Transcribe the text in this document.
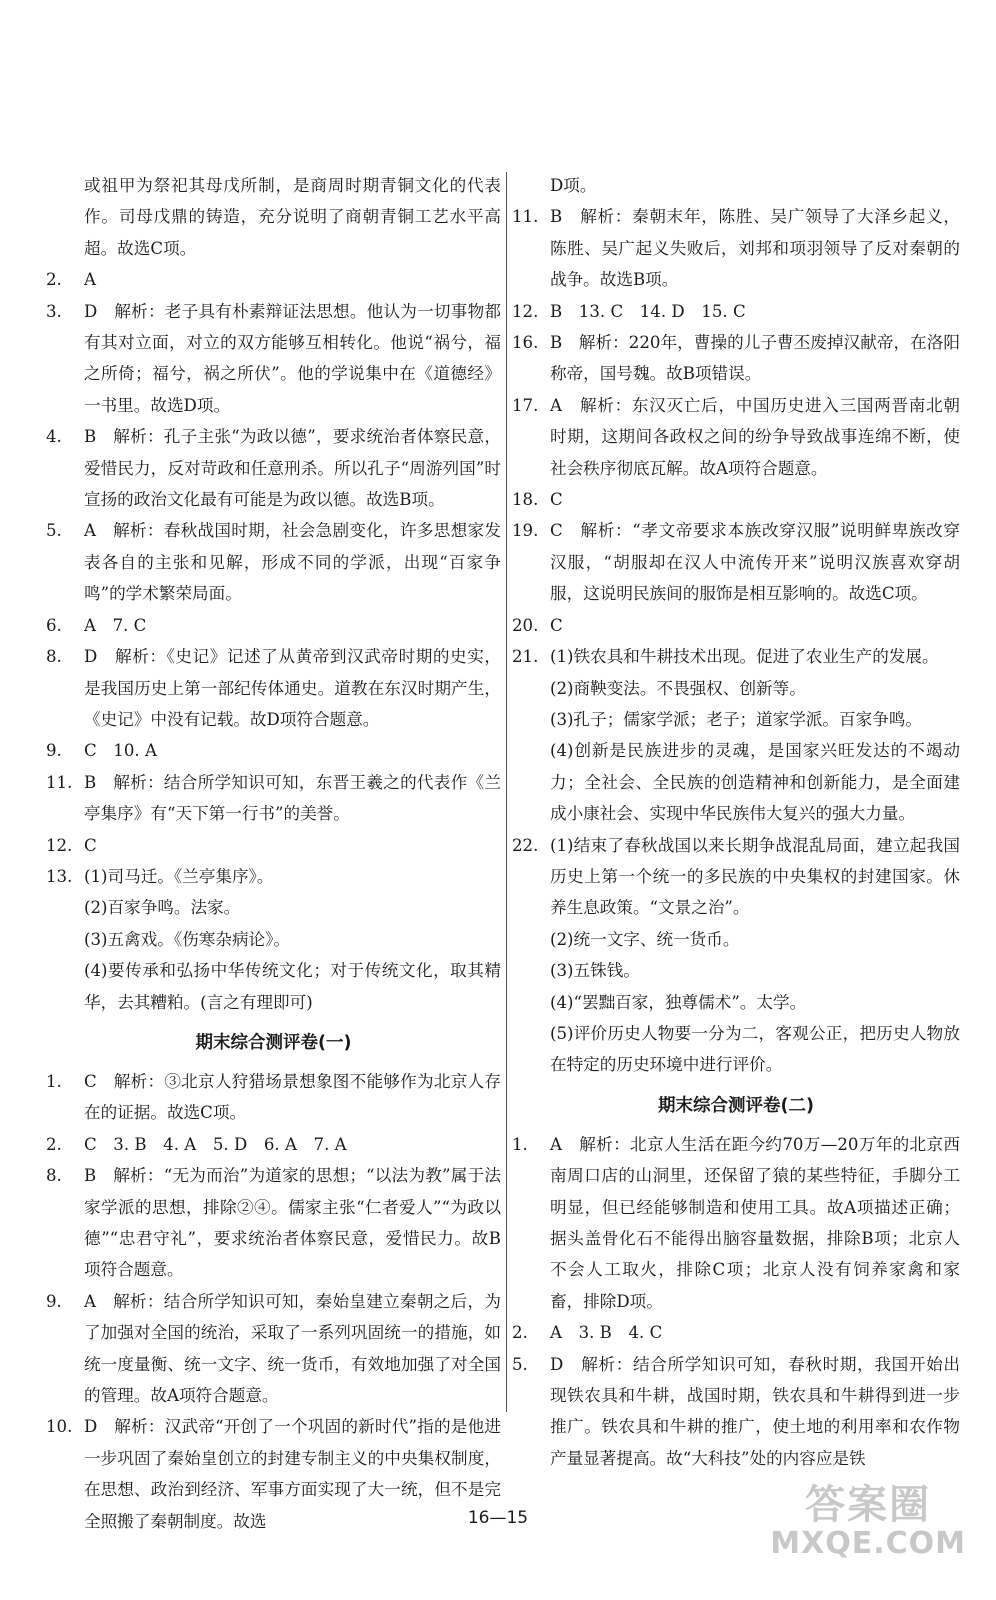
或祖甲为祭祀其母戊所制，是商周时期青铜文化的代表作。司母戊鼎的铸造，充分说明了商朝青铜工艺水平高超。故选C项。
2.	A
3.	D　解析：老子具有朴素辩证法思想。他认为一切事物都有其对立面，对立的双方能够互相转化。他说“祸兮，福之所倚；福兮，祸之所伏”。他的学说集中在《道德经》一书里。故选D项。
4.	B　解析：孔子主张“为政以德”，要求统治者体察民意，爱惜民力，反对苛政和任意刑杀。所以孔子“周游列国”时宣扬的政治文化最有可能是为政以德。故选B项。
5.	A　解析：春秋战国时期，社会急剧变化，许多思想家发表各自的主张和见解，形成不同的学派，出现“百家争鸣”的学术繁荣局面。
6.	A　7. C
8.	D　解析：《史记》记述了从黄帝到汉武帝时期的史实，是我国历史上第一部纪传体通史。道教在东汉时期产生，《史记》中没有记载。故D项符合题意。
9.	C　10. A
11. B　解析：结合所学知识可知，东晋王羲之的代表作《兰亭集序》有“天下第一行书”的美誉。
12. C
13. (1)司马迁。《兰亭集序》。
(2)百家争鸣。法家。
(3)五禽戏。《伤寒杂病论》。
(4)要传承和弘扬中华传统文化；对于传统文化，取其精华，去其糟粕。(言之有理即可)
期末综合测评卷(一)
1.	C　解析：③北京人狩猎场景想象图不能够作为北京人存在的证据。故选C项。
2.	C　3. B　4. A　5. D　6. A　7. A
8.	B　解析：“无为而治”为道家的思想；“以法为教”属于法家学派的思想，排除②④。儒家主张“仁者爱人”“为政以德”“忠君守礼”，要求统治者体察民意，爱惜民力。故B项符合题意。
9.	A　解析：结合所学知识可知，秦始皇建立秦朝之后，为了加强对全国的统治，采取了一系列巩固统一的措施，如统一度量衡、统一文字、统一货币，有效地加强了对全国的管理。故A项符合题意。
10. D　解析：汉武帝“开创了一个巩固的新时代”指的是他进一步巩固了秦始皇创立的封建专制主义的中央集权制度，在思想、政治到经济、军事方面实现了大一统，但不是完全照搬了秦朝制度。故选
D项。
11. B　解析：秦朝末年，陈胜、吴广领导了大泽乡起义，陈胜、吴广起义失败后，刘邦和项羽领导了反对秦朝的战争。故选B项。
12. B　13. C　14. D　15. C
16. B　解析：220年，曹操的儿子曹丕废掉汉献帝，在洛阳称帝，国号魏。故B项错误。
17. A　解析：东汉灭亡后，中国历史进入三国两晋南北朝时期，这期间各政权之间的纷争导致战事连绵不断，使社会秩序彻底瓦解。故A项符合题意。
18. C
19. C　解析：“孝文帝要求本族改穿汉服”说明鲜卑族改穿汉服，“胡服却在汉人中流传开来”说明汉族喜欢穿胡服，这说明民族间的服饰是相互影响的。故选C项。
20. C
21. (1)铁农具和牛耕技术出现。促进了农业生产的发展。
(2)商鞅变法。不畏强权、创新等。
(3)孔子；儒家学派；老子；道家学派。百家争鸣。
(4)创新是民族进步的灵魂，是国家兴旺发达的不竭动力；全社会、全民族的创造精神和创新能力，是全面建成小康社会、实现中华民族伟大复兴的强大力量。
22. (1)结束了春秋战国以来长期争战混乱局面，建立起我国历史上第一个统一的多民族的中央集权的封建国家。休养生息政策。“文景之治”。
(2)统一文字、统一货币。
(3)五铢钱。
(4)“罢黜百家，独尊儒术”。太学。
(5)评价历史人物要一分为二，客观公正，把历史人物放在特定的历史环境中进行评价。
期末综合测评卷(二)
1.	A　解析：北京人生活在距今约70万—20万年的北京西南周口店的山洞里，还保留了猿的某些特征，手脚分工明显，但已经能够制造和使用工具。故A项描述正确；据头盖骨化石不能得出脑容量数据，排除B项；北京人不会人工取火，排除C项；北京人没有饲养家禽和家畜，排除D项。
2.	A　3. B　4. C
5.	D　解析：结合所学知识可知，春秋时期，我国开始出现铁农具和牛耕，战国时期，铁农具和牛耕得到进一步推广。铁农具和牛耕的推广，使土地的利用率和农作物产量显著提高。故“大科技”处的内容应是铁
16—15	答案圈
MXQE.COM
